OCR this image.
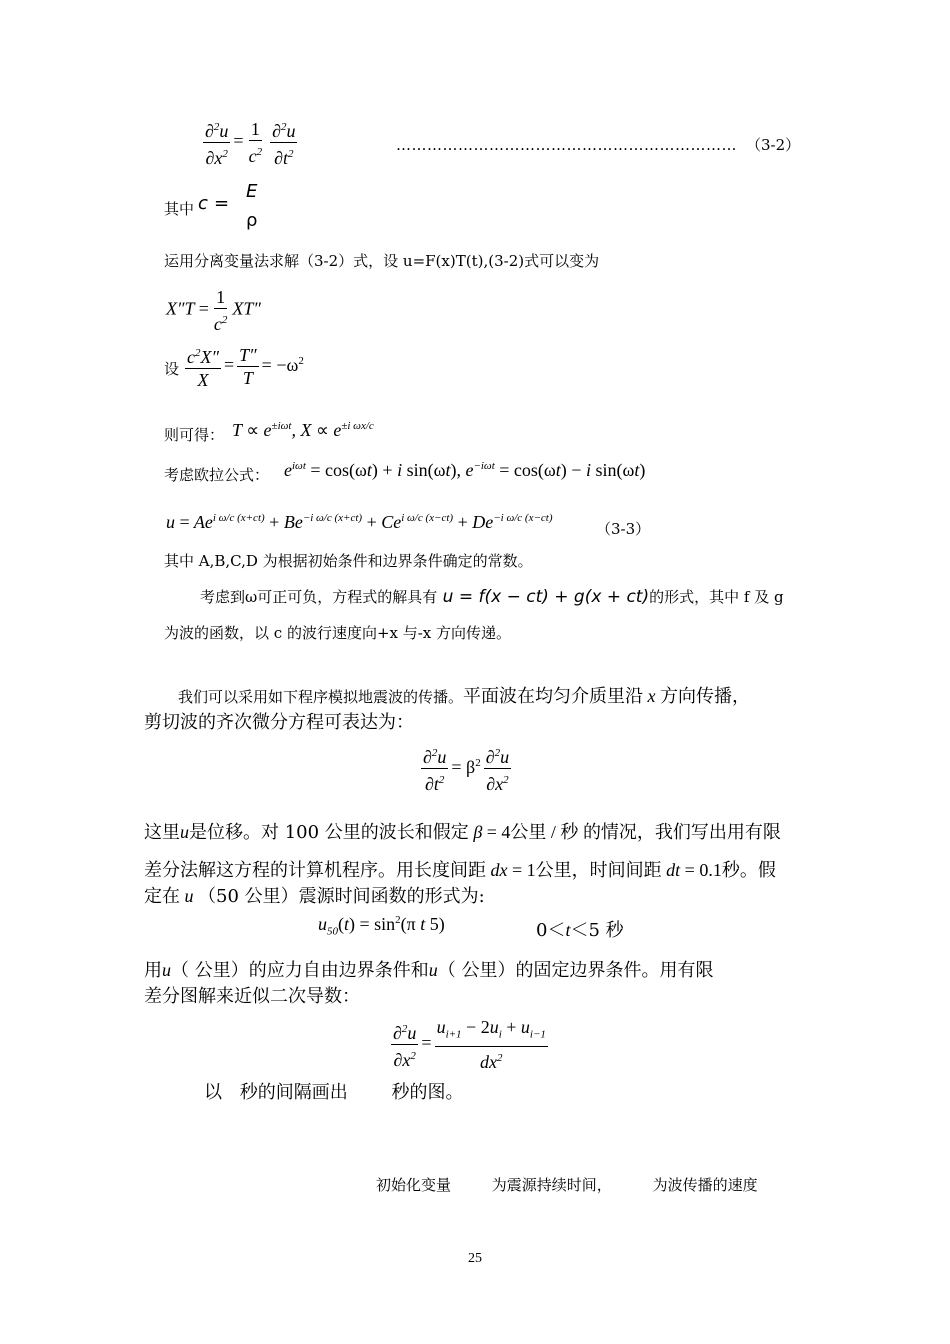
$\frac{\partial^2u}{\partial x^2} = \frac{1}{c^2} \frac{\partial^2u}{\partial t^2}$	………………………………………………………… （3-2）
其中 c =
E
ρ
运用分离变量法求解（3-2）式，设 u=F(x)T(t),(3-2)式可以变为
$X''T = \frac{1}{c^2} XT''$
设 $\frac{c^2X''}{X} = \frac{T''}{T} = -\omega^2$
则可得： $T \propto e^{\pm i\omega t}$, $X \propto e^{\pm i \omega x/c}$
考虑欧拉公式： $e^{i\omega t} = \cos(\omega t) + i$ sin(ωt), $e^{-i\omega t} = \cos(\omega t) - i$ sin(ωt)
$u = Ae^{i \omega/c (x+ct)} + Be^{-i \omega/c (x+ct)} + Ce^{i \omega/c (x-ct)} + De^{-i \omega/c (x-ct)}$
（3-3）
其中 A,B,C,D 为根据初始条件和边界条件确定的常数。
考虑到ω可正可负，方程式的解具有 u = f(x − ct) + g(x + ct)的形式，其中 f 及 g
为波的函数，以 c 的波行速度向+x 与-x 方向传递。
我们可以采用如下程序模拟地震波的传播。平面波在均匀介质里沿 x 方向传播，
剪切波的齐次微分方程可表达为：
$\frac{\partial^2u}{\partial t^2} = \beta^2 \frac{\partial^2u}{\partial x^2}$
这里u是位移。对 100 公里的波长和假定 β = 4公里 / 秒 的情况，我们写出用有限
差分法解这方程的计算机程序。用长度间距 dx = 1公里，时间间距 dt = 0.1秒。假
定在 u （50 公里）震源时间函数的形式为:
$u_{50}(t) = \sin^2(\pi$ t 5)	0＜t＜5 秒
用u（ 公里）的应力自由边界条件和u（ 公里）的固定边界条件。用有限
差分图解来近似二次导数：
$\frac{\partial^2u}{\partial x^2} = \frac{u_{i+1} - 2u_i + u_{i-1}}{dx^2}$
以 秒的间隔画出 秒的图。
初始化变量	为震源持续时间，	为波传播的速度
25
